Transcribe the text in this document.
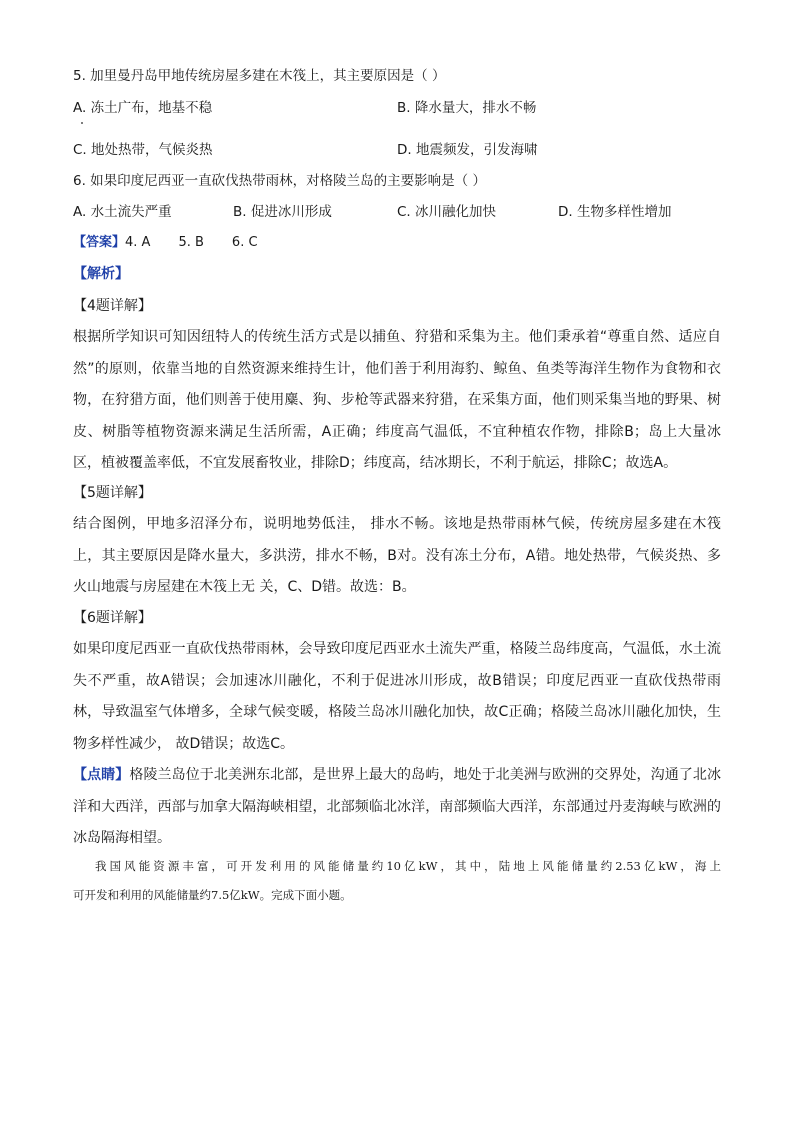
5. 加里曼丹岛甲地传统房屋多建在木筏上，其主要原因是（ ）
A. 冻土广布，地基不稳	B. 降水量大，排水不畅
C. 地处热带，气候炎热	D. 地震频发，引发海啸
6. 如果印度尼西亚一直砍伐热带雨林，对格陵兰岛的主要影响是（ ）
A. 水土流失严重	B. 促进冰川形成	C. 冰川融化加快	D. 生物多样性增加
【答案】4. A 5. B 6. C
【解析】
【4题详解】
根据所学知识可知因纽特人的传统生活方式是以捕鱼、狩猎和采集为主。他们秉承着“尊重自然、适应自
然”的原则，依靠当地的自然资源来维持生计，他们善于利用海豹、鲸鱼、鱼类等海洋生物作为食物和衣
物，在狩猎方面，他们则善于使用麋、狗、步枪等武器来狩猎，在采集方面，他们则采集当地的野果、树
皮、树脂等植物资源来满足生活所需，A正确；纬度高气温低，不宜种植农作物，排除B；岛上大量冰
区，植被覆盖率低，不宜发展畜牧业，排除D；纬度高，结冰期长，不利于航运，排除C；故选A。
【5题详解】
结合图例，甲地多沼泽分布，说明地势低洼， 排水不畅。该地是热带雨林气候，传统房屋多建在木筏
上，其主要原因是降水量大，多洪涝，排水不畅，B对。没有冻土分布，A错。地处热带，气候炎热、多
火山地震与房屋建在木筏上无 关，C、D错。故选：B。
【6题详解】
如果印度尼西亚一直砍伐热带雨林，会导致印度尼西亚水土流失严重，格陵兰岛纬度高，气温低，水土流
失不严重，故A错误；会加速冰川融化，不利于促进冰川形成，故B错误；印度尼西亚一直砍伐热带雨
林，导致温室气体增多，全球气候变暖，格陵兰岛冰川融化加快，故C正确；格陵兰岛冰川融化加快，生
物多样性减少， 故D错误；故选C。
【点睛】格陵兰岛位于北美洲东北部，是世界上最大的岛屿，地处于北美洲与欧洲的交界处，沟通了北冰
洋和大西洋，西部与加拿大隔海峡相望，北部频临北冰洋，南部频临大西洋，东部通过丹麦海峡与欧洲的
冰岛隔海相望。
我国风能资源丰富，可开发利用的风能储量约10亿kW，其中，陆地上风能储量约2.53亿kW，海上
可开发和利用的风能储量约7.5亿kW。完成下面小题。
